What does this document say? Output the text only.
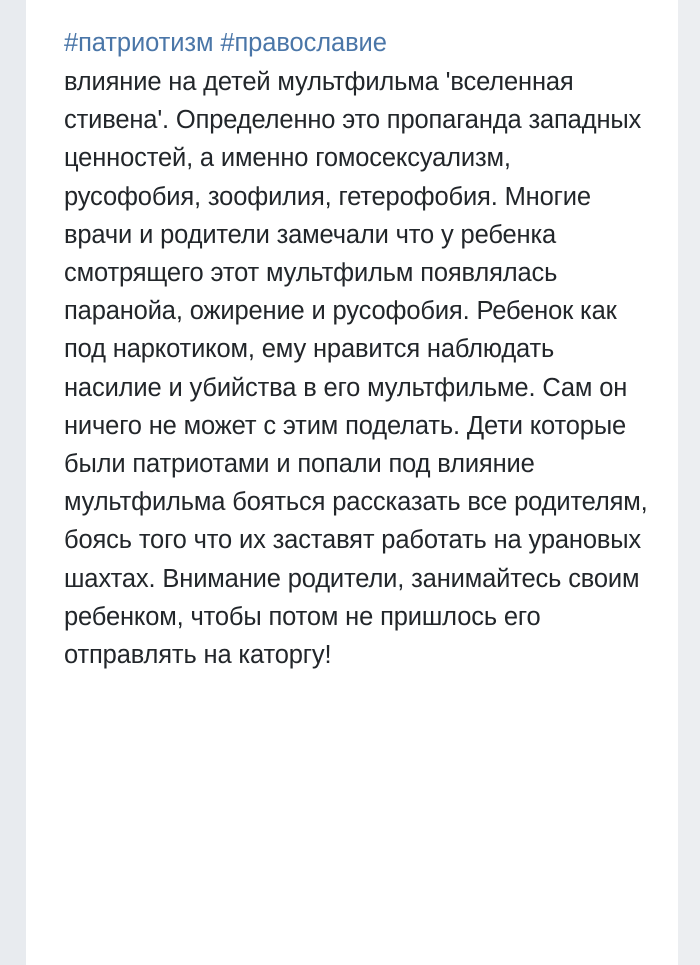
#патриотизм #православие

влияние на детей мультфильма 'вселенная стивена'. Определенно это пропаганда западных ценностей, а именно гомосексуализм, русофобия, зоофилия, гетерофобия. Многие врачи и родители замечали что у ребенка смотрящего этот мультфильм появлялась паранойа, ожирение и русофобия. Ребенок как под наркотиком, ему нравится наблюдать насилие и убийства в его мультфильме. Сам он ничего не может с этим поделать. Дети которые были патриотами и попали под влияние мультфильма бояться рассказать все родителям, боясь того что их заставят работать на урановых шахтах. Внимание родители, занимайтесь своим ребенком, чтобы потом не пришлось его отправлять на каторгу!
